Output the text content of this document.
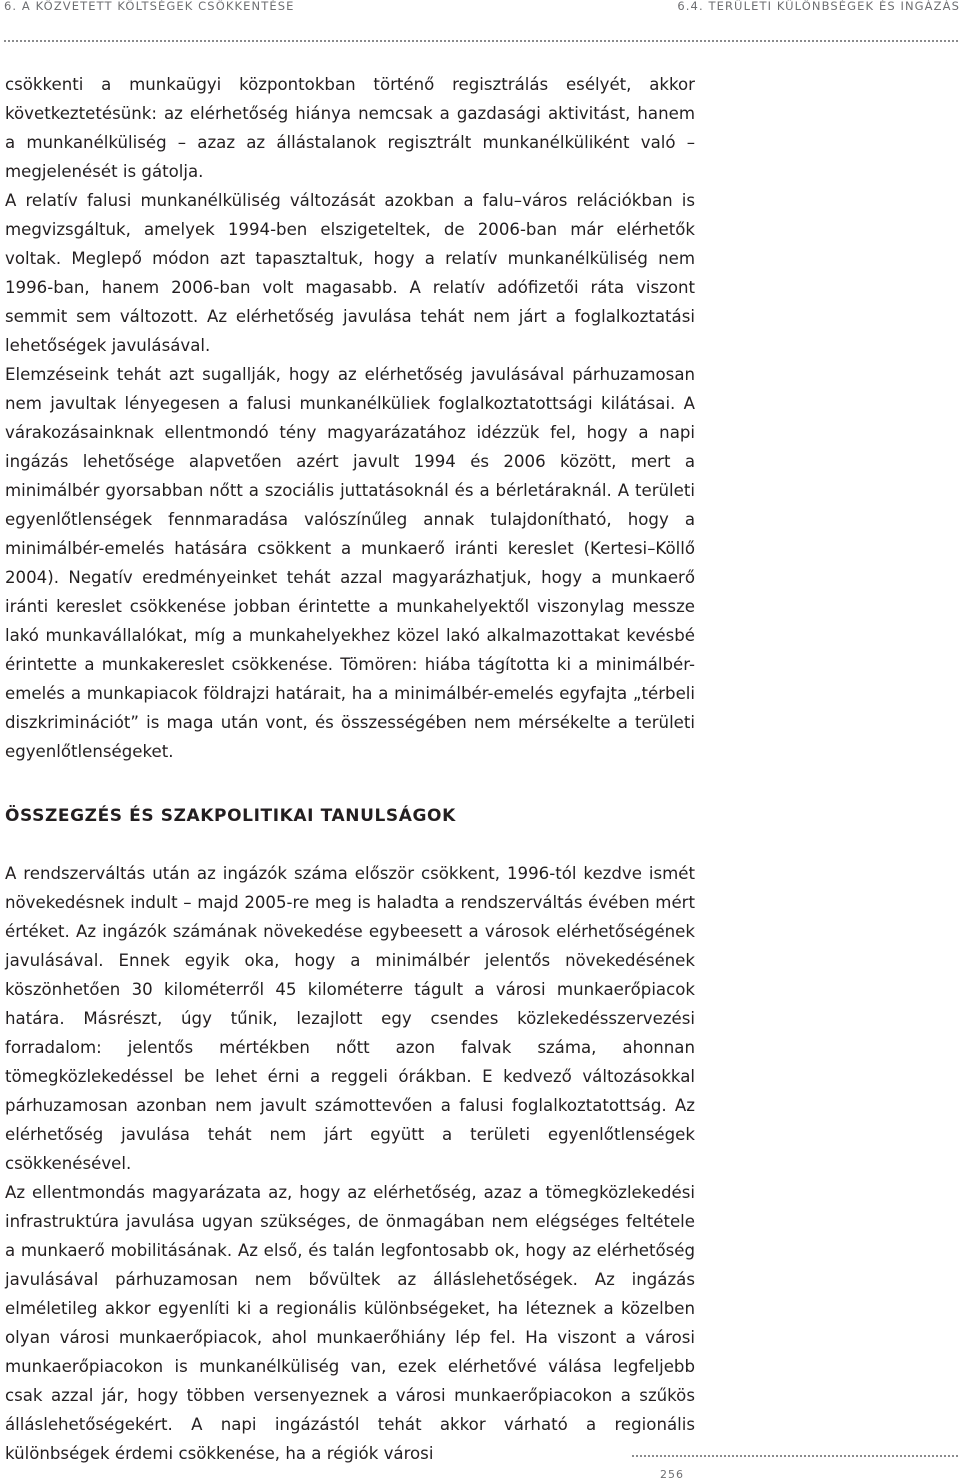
6. A KÖZVETETT KÖLTSÉGEK CSÖKKENTÉSE	6.4. TERÜLETI KÜLÖNBSÉGEK ÉS INGÁZÁS

csökkenti a munkaügyi központokban történő regisztrálás esélyét, akkor következtetésünk: az elérhetőség hiánya nemcsak a gazdasági aktivitást, hanem a munkanélküliség – azaz az állástalanok regisztrált munkanélküliként való – megjelenését is gátolja.

A relatív falusi munkanélküliség változását azokban a falu–város relációkban is megvizsgáltuk, amelyek 1994-ben elszigeteltek, de 2006-ban már elérhetők voltak. Meglepő módon azt tapasztaltuk, hogy a relatív munkanélküliség nem 1996-ban, hanem 2006-ban volt magasabb. A relatív adófizetői ráta viszont semmit sem változott. Az elérhetőség javulása tehát nem járt a foglalkoztatási lehetőségek javulásával.

Elemzéseink tehát azt sugallják, hogy az elérhetőség javulásával párhuzamosan nem javultak lényegesen a falusi munkanélküliek foglalkoztatottsági kilátásai. A várakozásainknak ellentmondó tény magyarázatához idézzük fel, hogy a napi ingázás lehetősége alapvetően azért javult 1994 és 2006 között, mert a minimálbér gyorsabban nőtt a szociális juttatásoknál és a bérletáraknál. A területi egyenlőtlenségek fennmaradása valószínűleg annak tulajdonítható, hogy a minimálbér-emelés hatására csökkent a munkaerő iránti kereslet (Kertesi–Köllő 2004). Negatív eredményeinket tehát azzal magyarázhatjuk, hogy a munkaerő iránti kereslet csökkenése jobban érintette a munkahelyektől viszonylag messze lakó munkavállalókat, míg a munkahelyekhez közel lakó alkalmazottakat kevésbé érintette a munkakereslet csökkenése. Tömören: hiába tágította ki a minimálbér-emelés a munkapiacok földrajzi határait, ha a minimálbér-emelés egyfajta „térbeli diszkriminációt” is maga után vont, és összességében nem mérsékelte a területi egyenlőtlenségeket.

ÖSSZEGZÉS ÉS SZAKPOLITIKAI TANULSÁGOK

A rendszerváltás után az ingázók száma először csökkent, 1996-tól kezdve ismét növekedésnek indult – majd 2005-re meg is haladta a rendszerváltás évében mért értéket. Az ingázók számának növekedése egybeesett a városok elérhetőségének javulásával. Ennek egyik oka, hogy a minimálbér jelentős növekedésének köszönhetően 30 kilométerről 45 kilométerre tágult a városi munkaerőpiacok határa. Másrészt, úgy tűnik, lezajlott egy csendes közlekedésszervezési forradalom: jelentős mértékben nőtt azon falvak száma, ahonnan tömegközlekedéssel be lehet érni a reggeli órákban. E kedvező változásokkal párhuzamosan azonban nem javult számottevően a falusi foglalkoztatottság. Az elérhetőség javulása tehát nem járt együtt a területi egyenlőtlenségek csökkenésével.

Az ellentmondás magyarázata az, hogy az elérhetőség, azaz a tömegközlekedési infrastruktúra javulása ugyan szükséges, de önmagában nem elégséges feltétele a munkaerő mobilitásának. Az első, és talán legfontosabb ok, hogy az elérhetőség javulásával párhuzamosan nem bővültek az álláslehetőségek. Az ingázás elméletileg akkor egyenlíti ki a regionális különbségeket, ha léteznek a közelben olyan városi munkaerőpiacok, ahol munkaerőhiány lép fel. Ha viszont a városi munkaerőpiacokon is munkanélküliség van, ezek elérhetővé válása legfeljebb csak azzal jár, hogy többen versenyeznek a városi munkaerőpiacokon a szűkös álláslehetőségekért. A napi ingázástól tehát akkor várható a regionális különbségek érdemi csökkenése, ha a régiók városi

256
